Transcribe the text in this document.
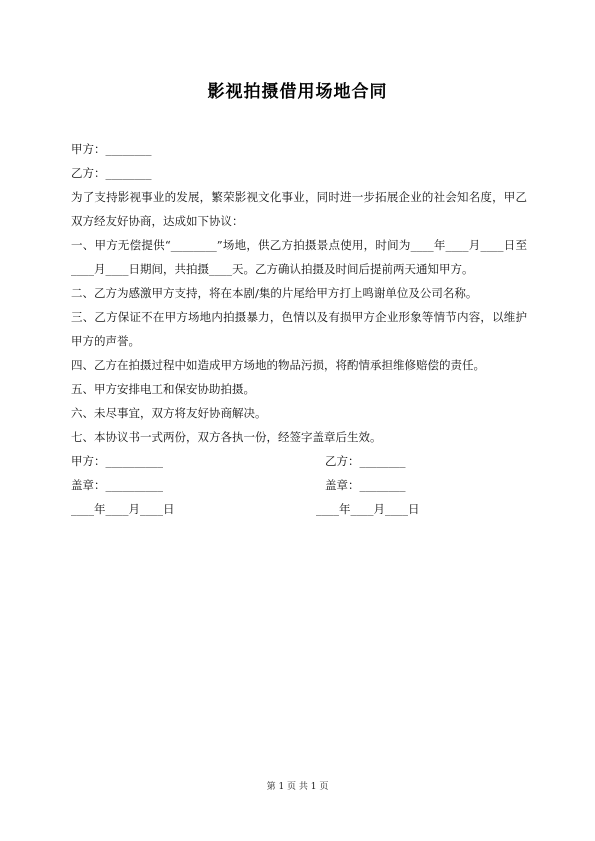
影视拍摄借用场地合同
甲方：________
乙方：________
为了支持影视事业的发展，繁荣影视文化事业，同时进一步拓展企业的社会知名度，甲乙双方经友好协商，达成如下协议：
一、甲方无偿提供“________”场地，供乙方拍摄景点使用，时间为____年____月____日至____月____日期间，共拍摄____天。乙方确认拍摄及时间后提前两天通知甲方。
二、乙方为感激甲方支持，将在本剧/集的片尾给甲方打上鸣谢单位及公司名称。
三、乙方保证不在甲方场地内拍摄暴力，色情以及有损甲方企业形象等情节内容，以维护甲方的声誉。
四、乙方在拍摄过程中如造成甲方场地的物品污损，将酌情承担维修赔偿的责任。
五、甲方安排电工和保安协助拍摄。
六、未尽事宜，双方将友好协商解决。
七、本协议书一式两份，双方各执一份，经签字盖章后生效。
甲方：__________
盖章：__________
____年____月____日
乙方：________
盖章：________
____年____月____日
第 1 页 共 1 页
